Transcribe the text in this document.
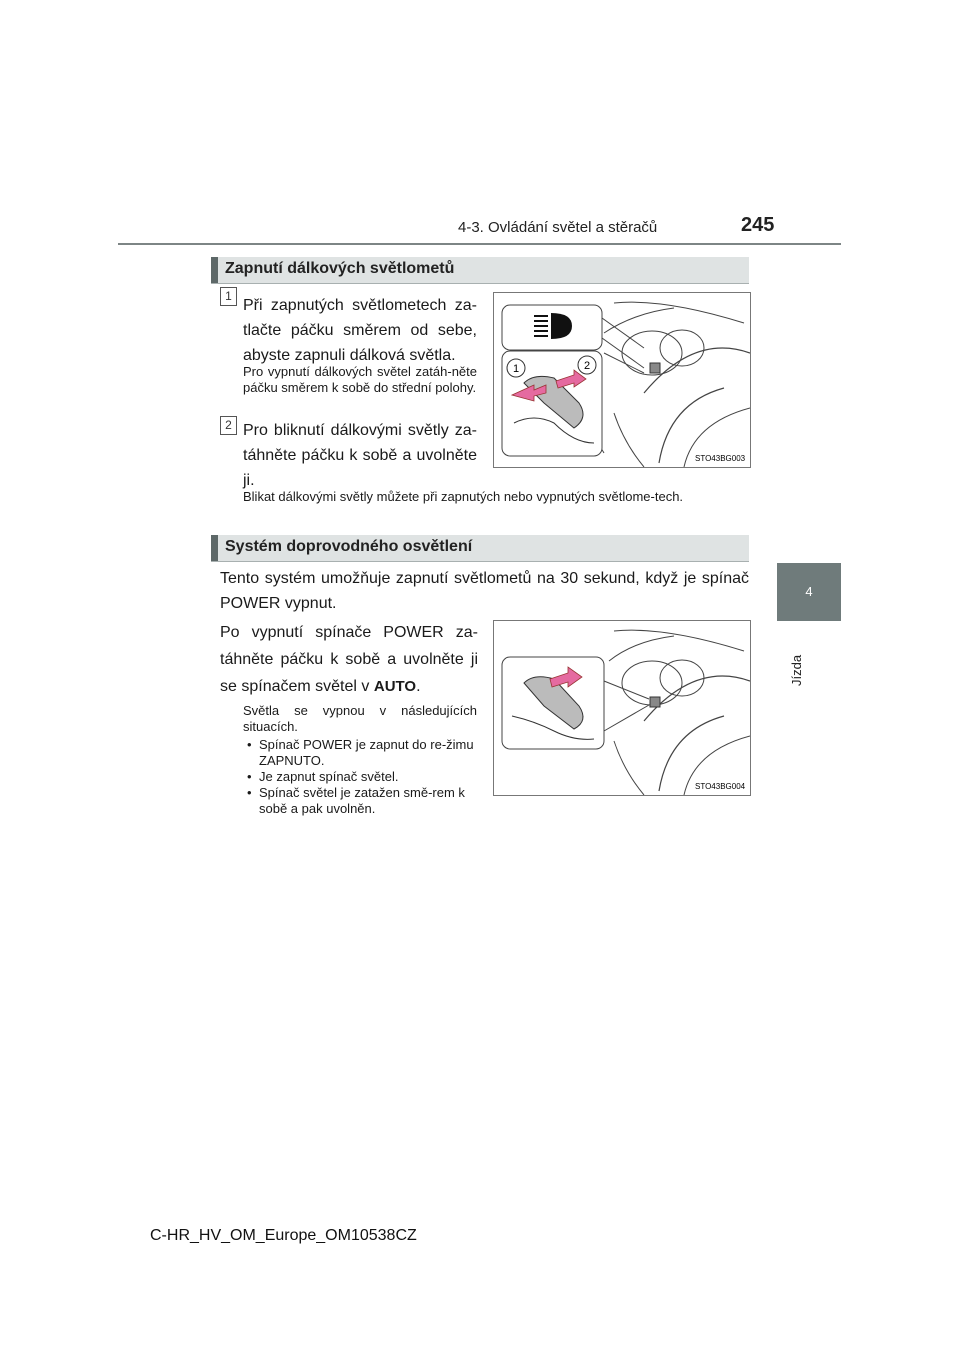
4-3. Ovládání světel a stěračů	245
4
Jízda
Zapnutí dálkových světlometů
1
Při zapnutých světlometech za-tlačte páčku směrem od sebe, abyste zapnuli dálková světla.
Pro vypnutí dálkových světel zatáh-něte páčku směrem k sobě do střední polohy.
2 Pro bliknutí dálkovými světly za-táhněte páčku k sobě a uvolněte ji.
Blikat dálkovými světly můžete při zapnutých nebo vypnutých světlome-tech.
1	2
STO43BG003
Systém doprovodného osvětlení
Tento systém umožňuje zapnutí světlometů na 30 sekund, když je spínač POWER vypnut.
Po vypnutí spínače POWER za-táhněte páčku k sobě a uvolněte ji se spínačem světel v AUTO.
Světla se vypnou v následujících situacích.
• Spínač POWER je zapnut do re-žimu ZAPNUTO.
• Je zapnut spínač světel.
• Spínač světel je zatažen smě-rem k sobě a pak uvolněn.
STO43BG004
C-HR_HV_OM_Europe_OM10538CZ
